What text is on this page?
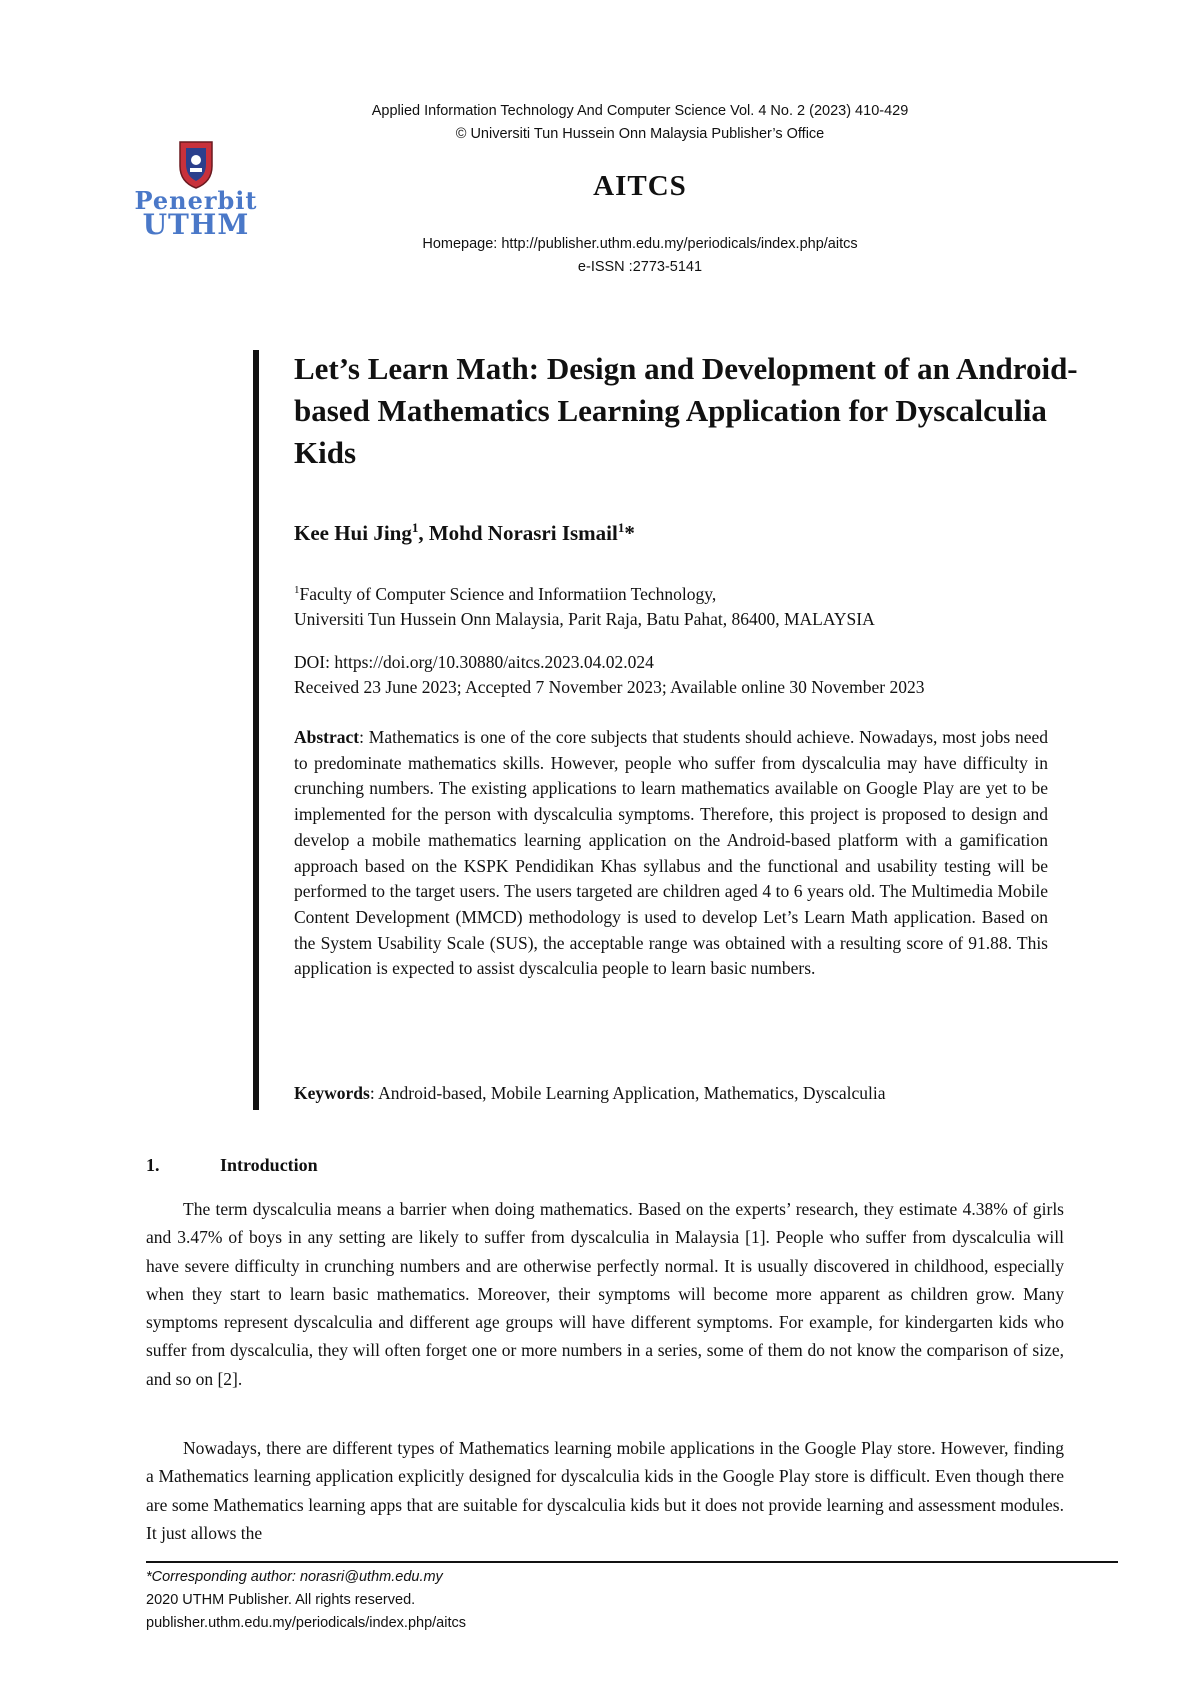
Penerbit
UTHM
Applied Information Technology And Computer Science Vol. 4 No. 2 (2023) 410-429
© Universiti Tun Hussein Onn Malaysia Publisher’s Office
AITCS
Homepage: http://publisher.uthm.edu.my/periodicals/index.php/aitcs
e-ISSN :2773-5141
Let’s Learn Math: Design and Development of an Android-based Mathematics Learning Application for Dyscalculia Kids
Kee Hui Jing$^1$, Mohd Norasri Ismail$^1$*
$^1$Faculty of Computer Science and Informatiion Technology,
Universiti Tun Hussein Onn Malaysia, Parit Raja, Batu Pahat, 86400, MALAYSIA
DOI: https://doi.org/10.30880/aitcs.2023.04.02.024
Received 23 June 2023; Accepted 7 November 2023; Available online 30 November 2023

Abstract: Mathematics is one of the core subjects that students should achieve. Nowadays, most jobs need to predominate mathematics skills. However, people who suffer from dyscalculia may have difficulty in crunching numbers. The existing applications to learn mathematics available on Google Play are yet to be implemented for the person with dyscalculia symptoms. Therefore, this project is proposed to design and develop a mobile mathematics learning application on the Android-based platform with a gamification approach based on the KSPK Pendidikan Khas syllabus and the functional and usability testing will be performed to the target users. The users targeted are children aged 4 to 6 years old. The Multimedia Mobile Content Development (MMCD) methodology is used to develop Let’s Learn Math application. Based on the System Usability Scale (SUS), the acceptable range was obtained with a resulting score of 91.88. This application is expected to assist dyscalculia people to learn basic numbers.

Keywords: Android-based, Mobile Learning Application, Mathematics, Dyscalculia

1.	Introduction

The term dyscalculia means a barrier when doing mathematics. Based on the experts’ research, they estimate 4.38% of girls and 3.47% of boys in any setting are likely to suffer from dyscalculia in Malaysia [1]. People who suffer from dyscalculia will have severe difficulty in crunching numbers and are otherwise perfectly normal. It is usually discovered in childhood, especially when they start to learn basic mathematics. Moreover, their symptoms will become more apparent as children grow. Many symptoms represent dyscalculia and different age groups will have different symptoms. For example, for kindergarten kids who suffer from dyscalculia, they will often forget one or more numbers in a series, some of them do not know the comparison of size, and so on [2].

Nowadays, there are different types of Mathematics learning mobile applications in the Google Play store. However, finding a Mathematics learning application explicitly designed for dyscalculia kids in the Google Play store is difficult. Even though there are some Mathematics learning apps that are suitable for dyscalculia kids but it does not provide learning and assessment modules. It just allows the

*Corresponding author: norasri@uthm.edu.my
2020 UTHM Publisher. All rights reserved.
publisher.uthm.edu.my/periodicals/index.php/aitcs
